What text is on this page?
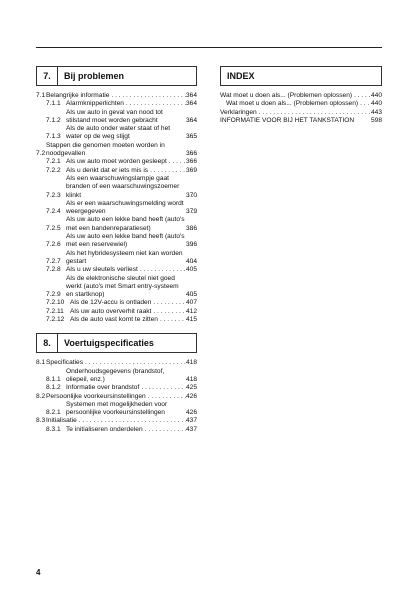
7.	Bij problemen
7.1 Belangrijke informatie . . .	364
7.1.1 Alarmknipperlichten . . .	364
7.1.2
Als uw auto in geval van nood tot stilstand moet worden gebracht . . .	364
7.1.3
Als de auto onder water staat of het water op de weg stijgt . . .	365
7.2
Stappen die genomen moeten worden in noodgevallen . . .	366
7.2.1 Als uw auto moet worden gesleept . . .	366
7.2.2 Als u denkt dat er iets mis is . . .	369
7.2.3
Als een waarschuwingslampje gaat branden of een waarschuwingszoemer klinkt . . .	370
7.2.4
Als er een waarschuwingsmelding wordt weergegeven . . .	379
7.2.5
Als uw auto een lekke band heeft (auto's met een bandenreparatieset) . . .	386
7.2.6
Als uw auto een lekke band heeft (auto's met een reservewiel) . . .	396
7.2.7
Als het hybridesysteem niet kan worden gestart . . .	404
7.2.8 Als u uw sleutels verliest . . .	405
7.2.9
Als de elektronische sleutel niet goed werkt (auto's met Smart entry-systeem en startknop) . . .	405
7.2.10 Als de 12V-accu is ontladen . . .	407
7.2.11 Als uw auto oververhit raakt . . .	412
7.2.12 Als de auto vast komt te zitten . . .	415
8.	Voertuigspecificaties
8.1 Specificaties . . .	418
8.1.1
Onderhoudsgegevens (brandstof, oliepeil, enz.) . . .	418
8.1.2 Informatie over brandstof . . .	425
8.2 Persoonlijke voorkeursinstellingen . . .	426
8.2.1
Systemen met mogelijkheden voor persoonlijke voorkeursinstellingen . . .	426
8.3 Initialisatie . . .	437
8.3.1 Te initialiseren onderdelen . . .	437
INDEX
Wat moet u doen als... (Problemen oplossen) . . .	440
Wat moet u doen als... (Problemen oplossen) . . . 440
Verklaringen . . .	443
INFORMATIE VOOR BIJ HET TANKSTATION	598
4
